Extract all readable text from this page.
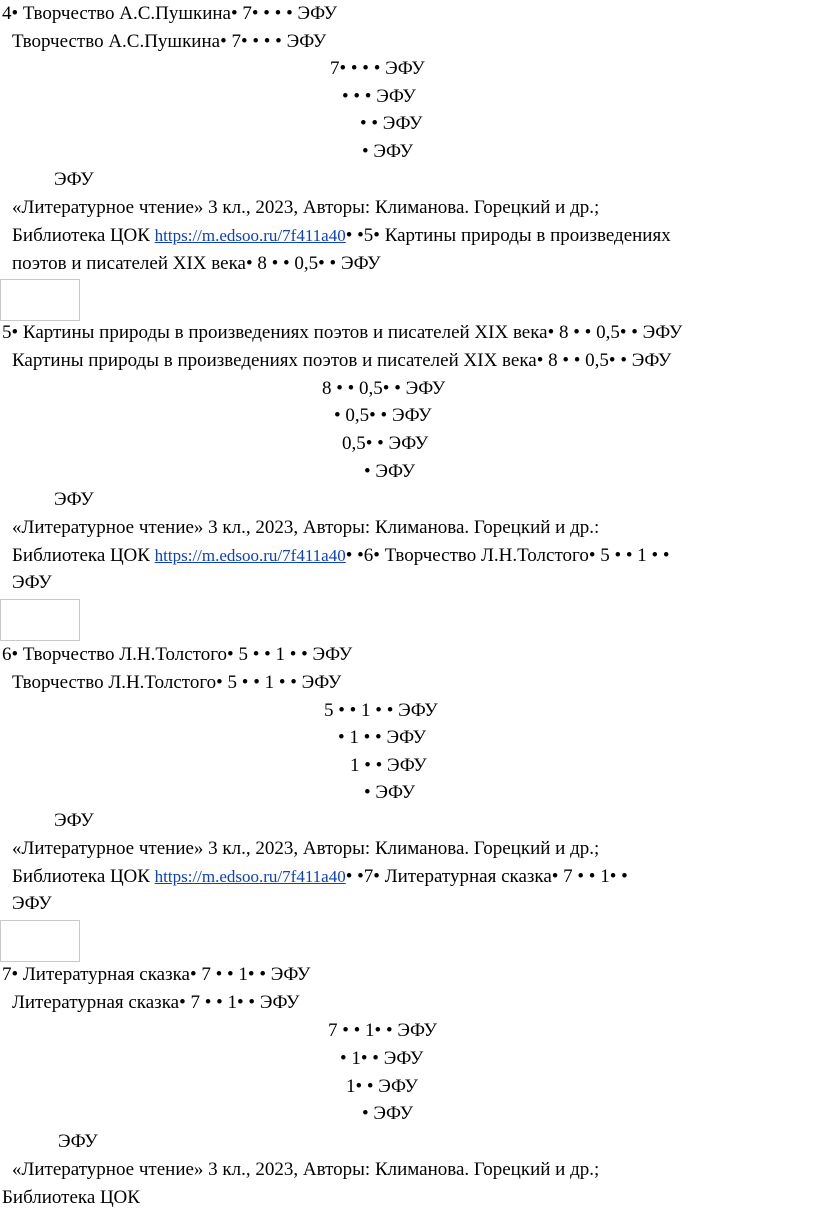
4• Творчество А.С.Пушкина• 7• • • • ЭФУ
Творчество А.С.Пушкина• 7• • • • ЭФУ
7• • • • ЭФУ
• • • ЭФУ
• • ЭФУ
• ЭФУ
ЭФУ
«Литературное чтение» 3 кл., 2023, Авторы: Климанова. Горецкий и др.;
Библиотека ЦОК https://m.edsoo.ru/7f411a40• •5• Картины природы в произведениях
поэтов и писателей XIX века• 8 • • 0,5• • ЭФУ
5• Картины природы в произведениях поэтов и писателей XIX века• 8 • • 0,5• • ЭФУ
Картины природы в произведениях поэтов и писателей XIX века• 8 • • 0,5• • ЭФУ
8 • • 0,5• • ЭФУ
• 0,5• • ЭФУ
0,5• • ЭФУ
• ЭФУ
ЭФУ
«Литературное чтение» 3 кл., 2023, Авторы: Климанова. Горецкий и др.:
Библиотека ЦОК https://m.edsoo.ru/7f411a40• •6• Творчество Л.Н.Толстого• 5 • • 1 • •
ЭФУ
6• Творчество Л.Н.Толстого• 5 • • 1 • • ЭФУ
Творчество Л.Н.Толстого• 5 • • 1 • • ЭФУ
5 • • 1 • • ЭФУ
• 1 • • ЭФУ
1 • • ЭФУ
• ЭФУ
ЭФУ
«Литературное чтение» 3 кл., 2023, Авторы: Климанова. Горецкий и др.;
Библиотека ЦОК https://m.edsoo.ru/7f411a40• •7• Литературная сказка• 7 • • 1• •
ЭФУ
7• Литературная сказка• 7 • • 1• • ЭФУ
Литературная сказка• 7 • • 1• • ЭФУ
7 • • 1• • ЭФУ
• 1• • ЭФУ
1• • ЭФУ
• ЭФУ
ЭФУ
«Литературное чтение» 3 кл., 2023, Авторы: Климанова. Горецкий и др.;
Библиотека ЦОК
